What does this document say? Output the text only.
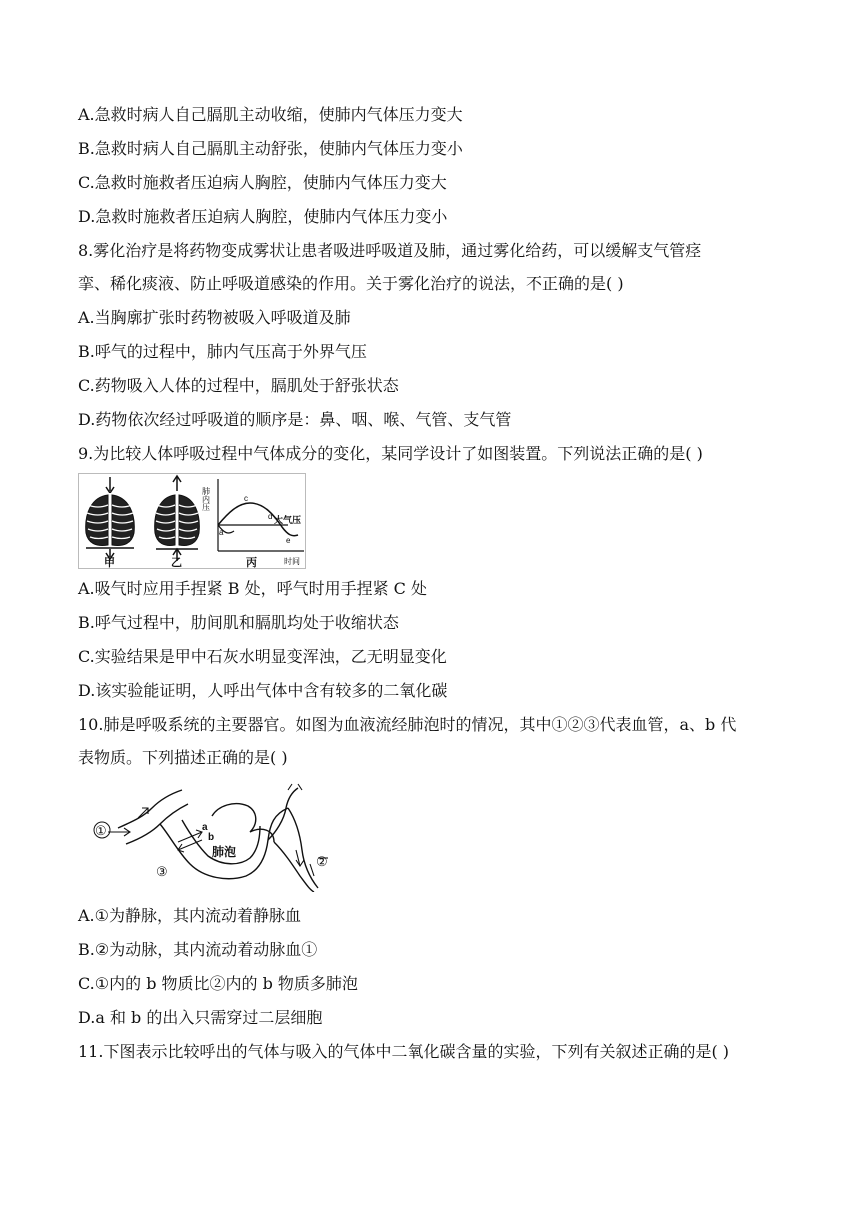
A.急救时病人自己膈肌主动收缩，使肺内气体压力变大
B.急救时病人自己膈肌主动舒张，使肺内气体压力变小
C.急救时施救者压迫病人胸腔，使肺内气体压力变大
D.急救时施救者压迫病人胸腔，使肺内气体压力变小
8.雾化治疗是将药物变成雾状让患者吸进呼吸道及肺，通过雾化给药，可以缓解支气管痉
挛、稀化痰液、防止呼吸道感染的作用。关于雾化治疗的说法，不正确的是( )
A.当胸廓扩张时药物被吸入呼吸道及肺
B.呼气的过程中，肺内气压高于外界气压
C.药物吸入人体的过程中，膈肌处于舒张状态
D.药物依次经过呼吸道的顺序是：鼻、咽、喉、气管、支气管
9.为比较人体呼吸过程中气体成分的变化，某同学设计了如图装置。下列说法正确的是( )
甲	乙	丙
肺内压
时间
大气压
a
c
d
e
A.吸气时应用手捏紧 B 处，呼气时用手捏紧 C 处
B.呼气过程中，肋间肌和膈肌均处于收缩状态
C.实验结果是甲中石灰水明显变浑浊，乙无明显变化
D.该实验能证明，人呼出气体中含有较多的二氧化碳
10.肺是呼吸系统的主要器官。如图为血液流经肺泡时的情况，其中①②③代表血管，a、b 代
表物质。下列描述正确的是( )
①
②
③
a
b
肺泡
A.①为静脉，其内流动着静脉血
B.②为动脉，其内流动着动脉血①
C.①内的 b 物质比②内的 b 物质多肺泡
D.a 和 b 的出入只需穿过二层细胞
11.下图表示比较呼出的气体与吸入的气体中二氧化碳含量的实验，下列有关叙述正确的是( )
